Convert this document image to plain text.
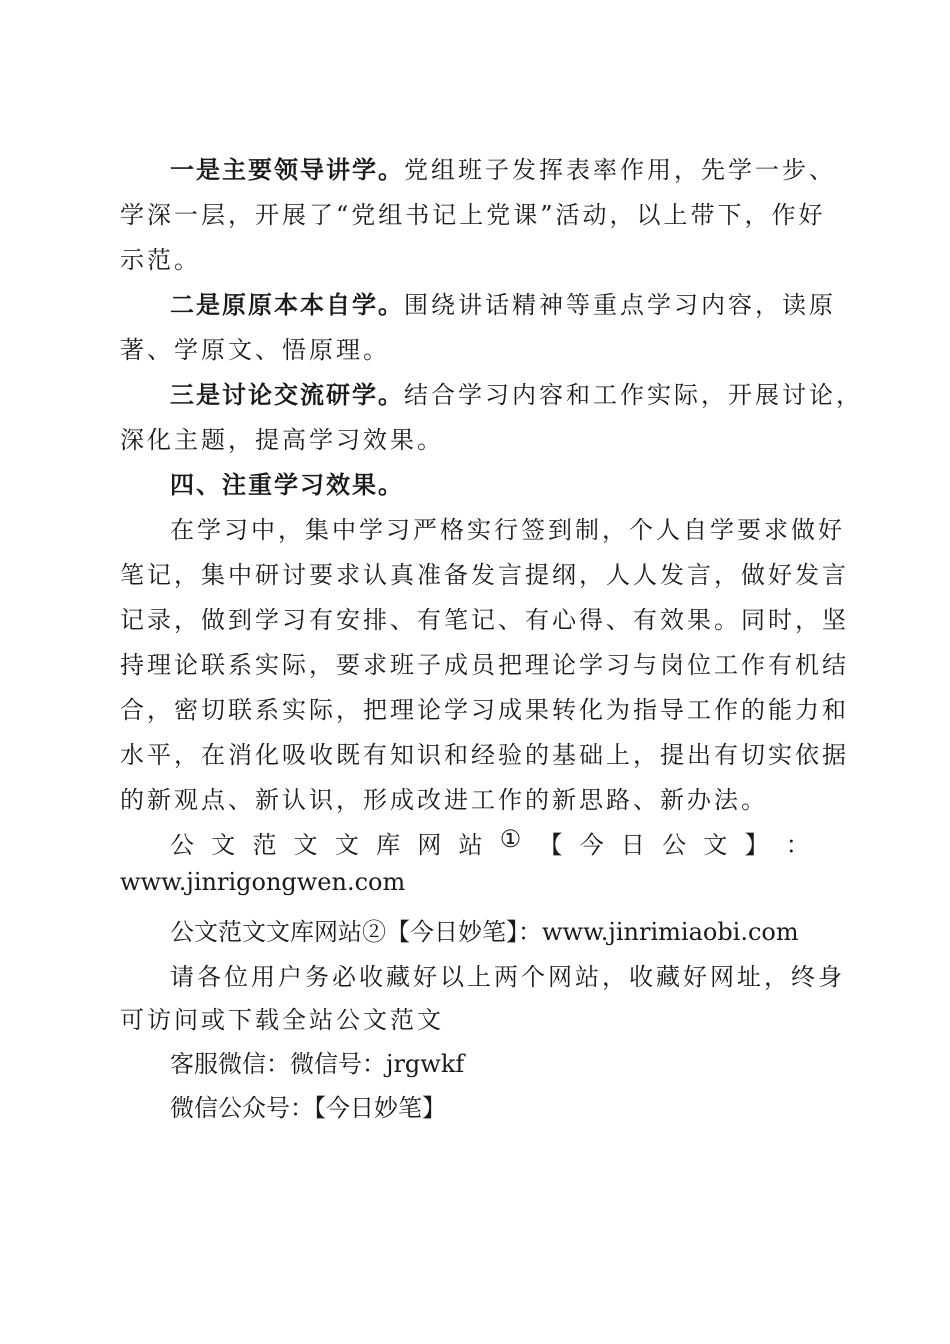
一是主要领导讲学。党组班子发挥表率作用，先学一步、
学深一层，开展了“党组书记上党课”活动，以上带下，作好
示范。
二是原原本本自学。围绕讲话精神等重点学习内容，读原
著、学原文、悟原理。
三是讨论交流研学。结合学习内容和工作实际，开展讨论，
深化主题，提高学习效果。
四、注重学习效果。
在学习中，集中学习严格实行签到制，个人自学要求做好
笔记，集中研讨要求认真准备发言提纲，人人发言，做好发言
记录，做到学习有安排、有笔记、有心得、有效果。同时，坚
持理论联系实际，要求班子成员把理论学习与岗位工作有机结
合，密切联系实际，把理论学习成果转化为指导工作的能力和
水平，在消化吸收既有知识和经验的基础上，提出有切实依据
的新观点、新认识，形成改进工作的新思路、新办法。
公 文 范 文 文 库 网 站 ① 【 今 日 公 文 】 ：
www.jinrigongwen.com
公文范文文库网站②【今日妙笔】：www.jinrimiaobi.com
请各位用户务必收藏好以上两个网站，收藏好网址，终身
可访问或下载全站公文范文
客服微信：微信号：jrgwkf
微信公众号：【今日妙笔】
